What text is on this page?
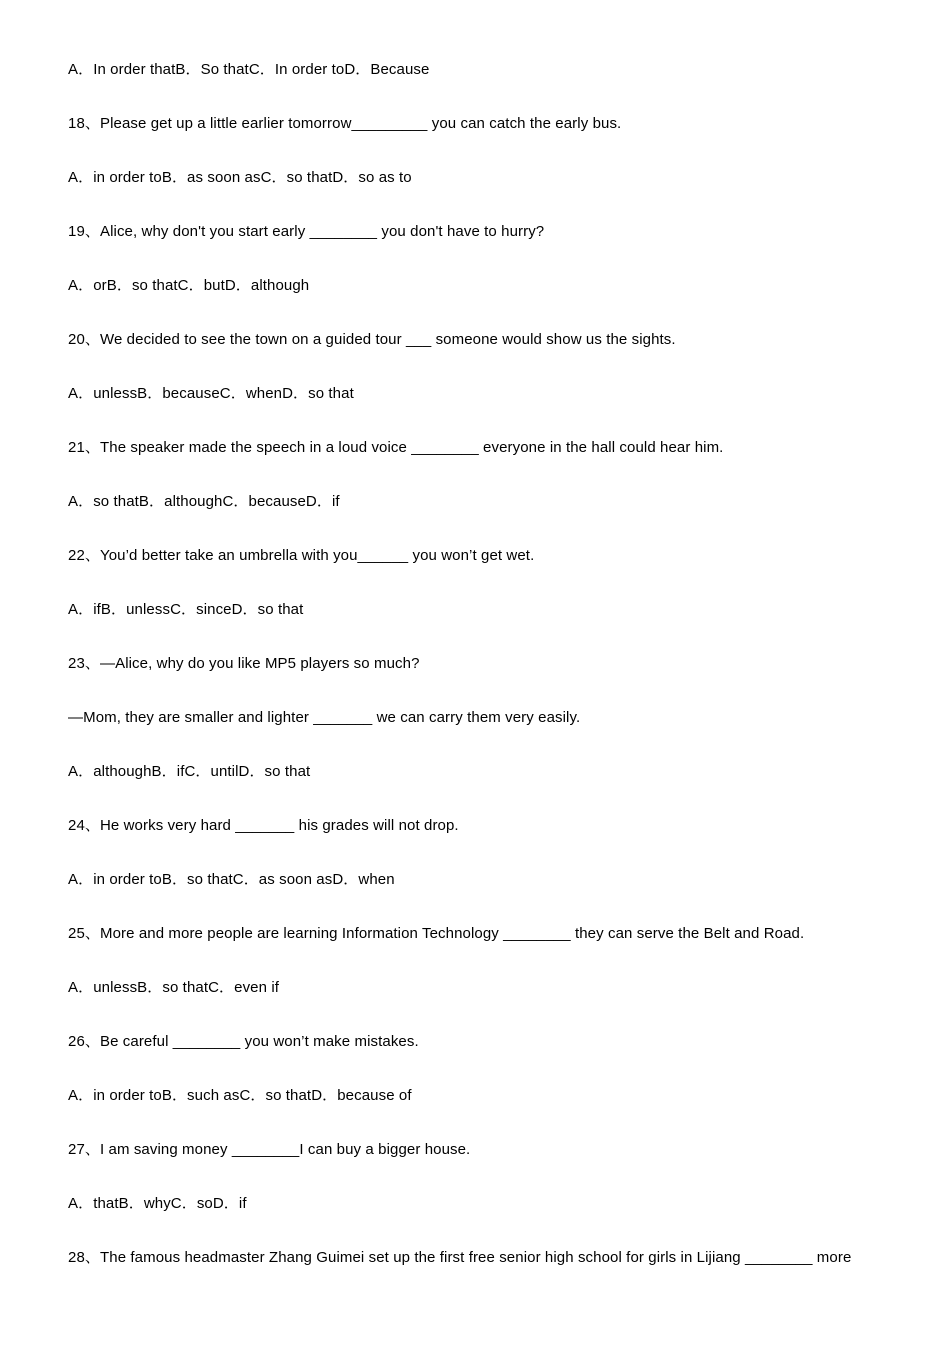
A．In order thatB．So thatC．In order toD．Because
18、Please get up a little earlier tomorrow_________ you can catch the early bus.
A．in order toB．as soon asC．so thatD．so as to
19、Alice, why don't you start early ________ you don't have to hurry?
A．orB．so thatC．butD．although
20、We decided to see the town on a guided tour ___ someone would show us the sights.
A．unlessB．becauseC．whenD．so that
21、The speaker made the speech in a loud voice ________ everyone in the hall could hear him.
A．so thatB．althoughC．becauseD．if
22、You’d better take an umbrella with you______ you won’t get wet.
A．ifB．unlessC．sinceD．so that
23、—Alice, why do you like MP5 players so much?
—Mom, they are smaller and lighter _______ we can carry them very easily.
A．althoughB．ifC．untilD．so that
24、He works very hard _______ his grades will not drop.
A．in order toB．so thatC．as soon asD．when
25、More and more people are learning Information Technology ________ they can serve the Belt and Road.
A．unlessB．so thatC．even if
26、Be careful ________ you won’t make mistakes.
A．in order toB．such asC．so thatD．because of
27、I am saving money ________I can buy a bigger house.
A．thatB．whyC．soD．if
28、The famous headmaster Zhang Guimei set up the first free senior high school for girls in Lijiang ________ more
